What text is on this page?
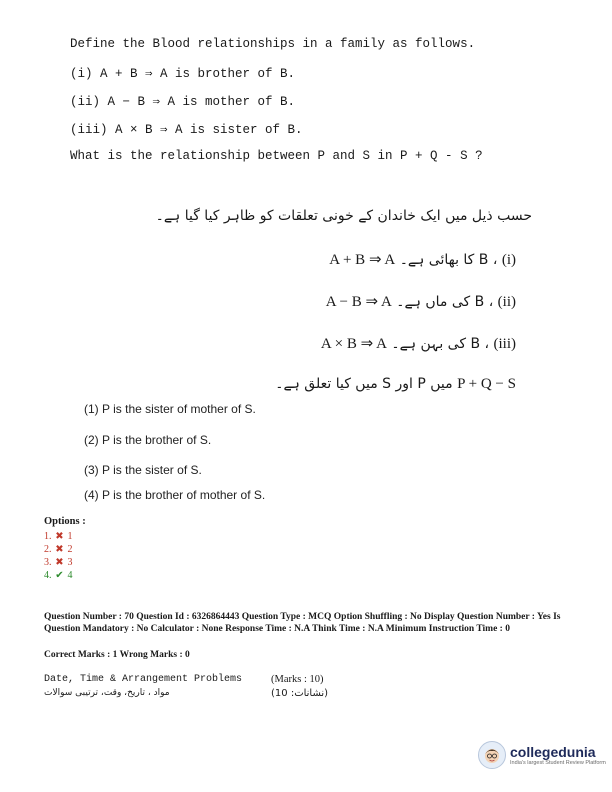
Define the Blood relationships in a family as follows.
(i) A + B ⇒ A is brother of B.
(ii) A − B ⇒ A is mother of B.
(iii) A × B ⇒ A is sister of B.
What is the relationship between P and S in P + Q - S ?
حسب ذیل میں ایک خاندان کے خونی تعلقات کو ظاہر کیا گیا ہے۔
(i) ، B کا بھائی ہے۔ A + B ⇒ A
(ii) ، B کی ماں ہے۔ A − B ⇒ A
(iii) ، B کی بہن ہے۔ A × B ⇒ A
P + Q − S میں P اور S میں کیا تعلق ہے۔
(1) P is the sister of mother of S.
(2) P is the brother of S.
(3) P is the sister of S.
(4) P is the brother of mother of S.
Options :
1. ✖ 1
2. ✖ 2
3. ✖ 3
4. ✔ 4
Question Number : 70 Question Id : 6326864443 Question Type : MCQ Option Shuffling : No Display Question Number : Yes Is Question Mandatory : No Calculator : None Response Time : N.A Think Time : N.A Minimum Instruction Time : 0
Correct Marks : 1 Wrong Marks : 0
Date, Time & Arrangement Problems
مواد ، تاریخ، وقت، ترتیبی سوالات
(Marks : 10)
(نشانات: 10)
collegedunia
India's largest Student Review Platform
